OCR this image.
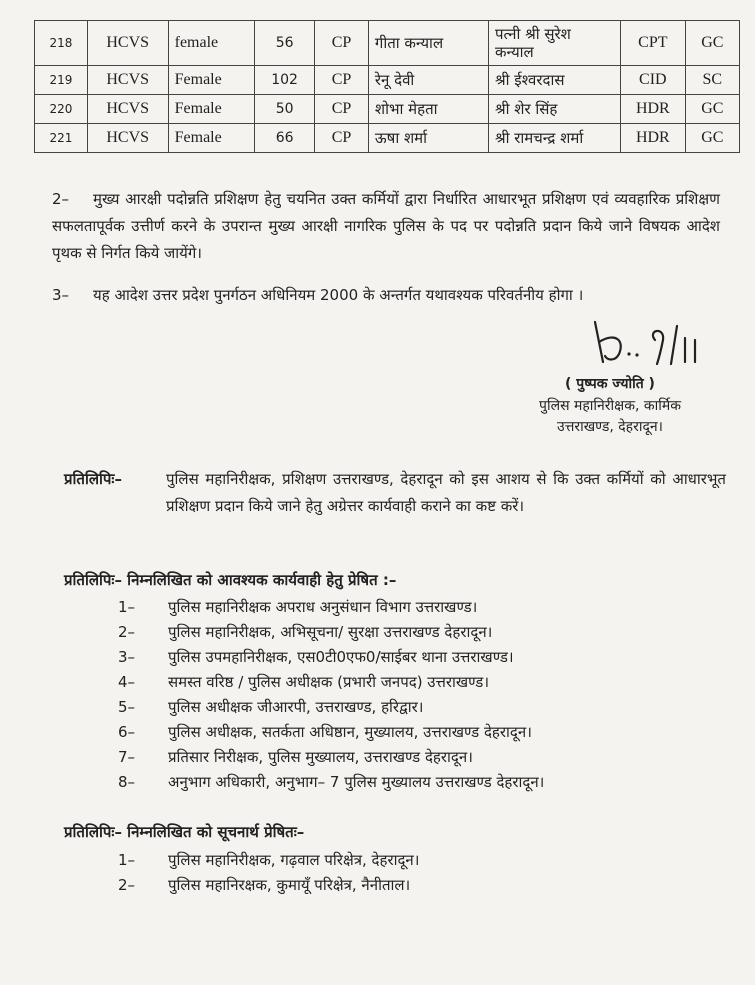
218	HCVS	female	56	CP	गीता कन्याल	पत्नी श्री सुरेश कन्याल	CPT	GC
219	HCVS	Female	102	CP	रेनू देवी	श्री ईश्वरदास	CID	SC
220	HCVS	Female	50	CP	शोभा मेहता	श्री शेर सिंह	HDR	GC
221	HCVS	Female	66	CP	ऊषा शर्मा	श्री रामचन्द्र शर्मा	HDR	GC
2– मुख्य आरक्षी पदोन्नति प्रशिक्षण हेतु चयनित उक्त कर्मियों द्वारा निर्धारित आधारभूत प्रशिक्षण एवं व्यवहारिक प्रशिक्षण सफलतापूर्वक उत्तीर्ण करने के उपरान्त मुख्य आरक्षी नागरिक पुलिस के पद पर पदोन्नति प्रदान किये जाने विषयक आदेश पृथक से निर्गत किये जायेंगे।
3– यह आदेश उत्तर प्रदेश पुनर्गठन अधिनियम 2000 के अन्तर्गत यथावश्यक परिवर्तनीय होगा ।
( पुष्पक ज्योति )
पुलिस महानिरीक्षक, कार्मिक
उत्तराखण्ड, देहरादून।
प्रतिलिपिः–	पुलिस महानिरीक्षक, प्रशिक्षण उत्तराखण्ड, देहरादून को इस आशय से कि उक्त कर्मियों को आधारभूत प्रशिक्षण प्रदान किये जाने हेतु अग्रेत्तर कार्यवाही कराने का कष्ट करें।
प्रतिलिपिः– निम्नलिखित को आवश्यक कार्यवाही हेतु प्रेषित :–
1– पुलिस महानिरीक्षक अपराध अनुसंधान विभाग उत्तराखण्ड।
2– पुलिस महानिरीक्षक, अभिसूचना/ सुरक्षा उत्तराखण्ड देहरादून।
3– पुलिस उपमहानिरीक्षक, एस0टी0एफ0/साईबर थाना उत्तराखण्ड।
4– समस्त वरिष्ठ / पुलिस अधीक्षक (प्रभारी जनपद) उत्तराखण्ड।
5– पुलिस अधीक्षक जीआरपी, उत्तराखण्ड, हरिद्वार।
6– पुलिस अधीक्षक, सतर्कता अधिष्ठान, मुख्यालय, उत्तराखण्ड देहरादून।
7– प्रतिसार निरीक्षक, पुलिस मुख्यालय, उत्तराखण्ड देहरादून।
8– अनुभाग अधिकारी, अनुभाग– 7 पुलिस मुख्यालय उत्तराखण्ड देहरादून।
प्रतिलिपिः– निम्नलिखित को सूचनार्थ प्रेषितः–
1– पुलिस महानिरीक्षक, गढ़वाल परिक्षेत्र, देहरादून।
2– पुलिस महानिरक्षक, कुमायूँ परिक्षेत्र, नैनीताल।
